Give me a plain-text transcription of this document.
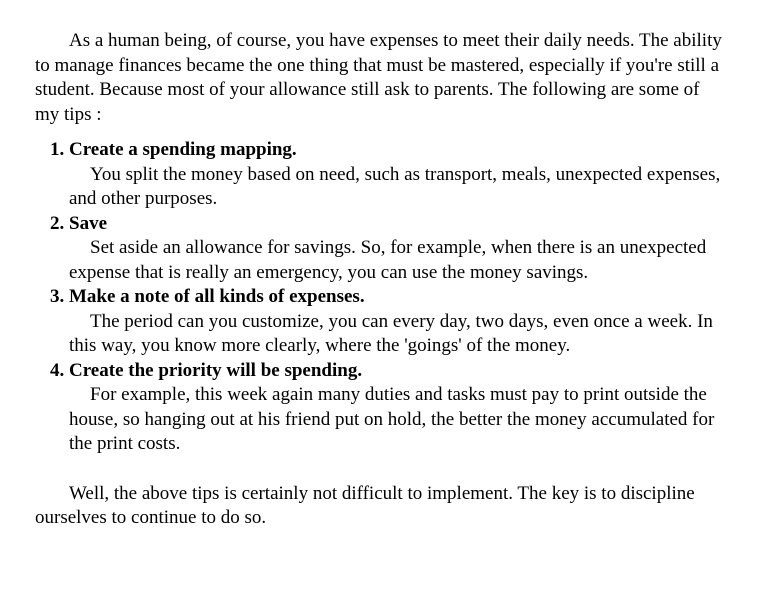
As a human being, of course, you have expenses to meet their daily needs. The ability to manage finances became the one thing that must be mastered, especially if you're still a student. Because most of your allowance still ask to parents. The following are some of my tips :

1. Create a spending mapping.
You split the money based on need, such as transport, meals, unexpected expenses, and other purposes.
2. Save
Set aside an allowance for savings. So, for example, when there is an unexpected expense that is really an emergency, you can use the money savings.
3. Make a note of all kinds of expenses.
The period can you customize, you can every day, two days, even once a week. In this way, you know more clearly, where the 'goings' of the money.
4. Create the priority will be spending.
For example, this week again many duties and tasks must pay to print outside the house, so hanging out at his friend put on hold, the better the money accumulated for the print costs.

Well, the above tips is certainly not difficult to implement. The key is to discipline ourselves to continue to do so.
